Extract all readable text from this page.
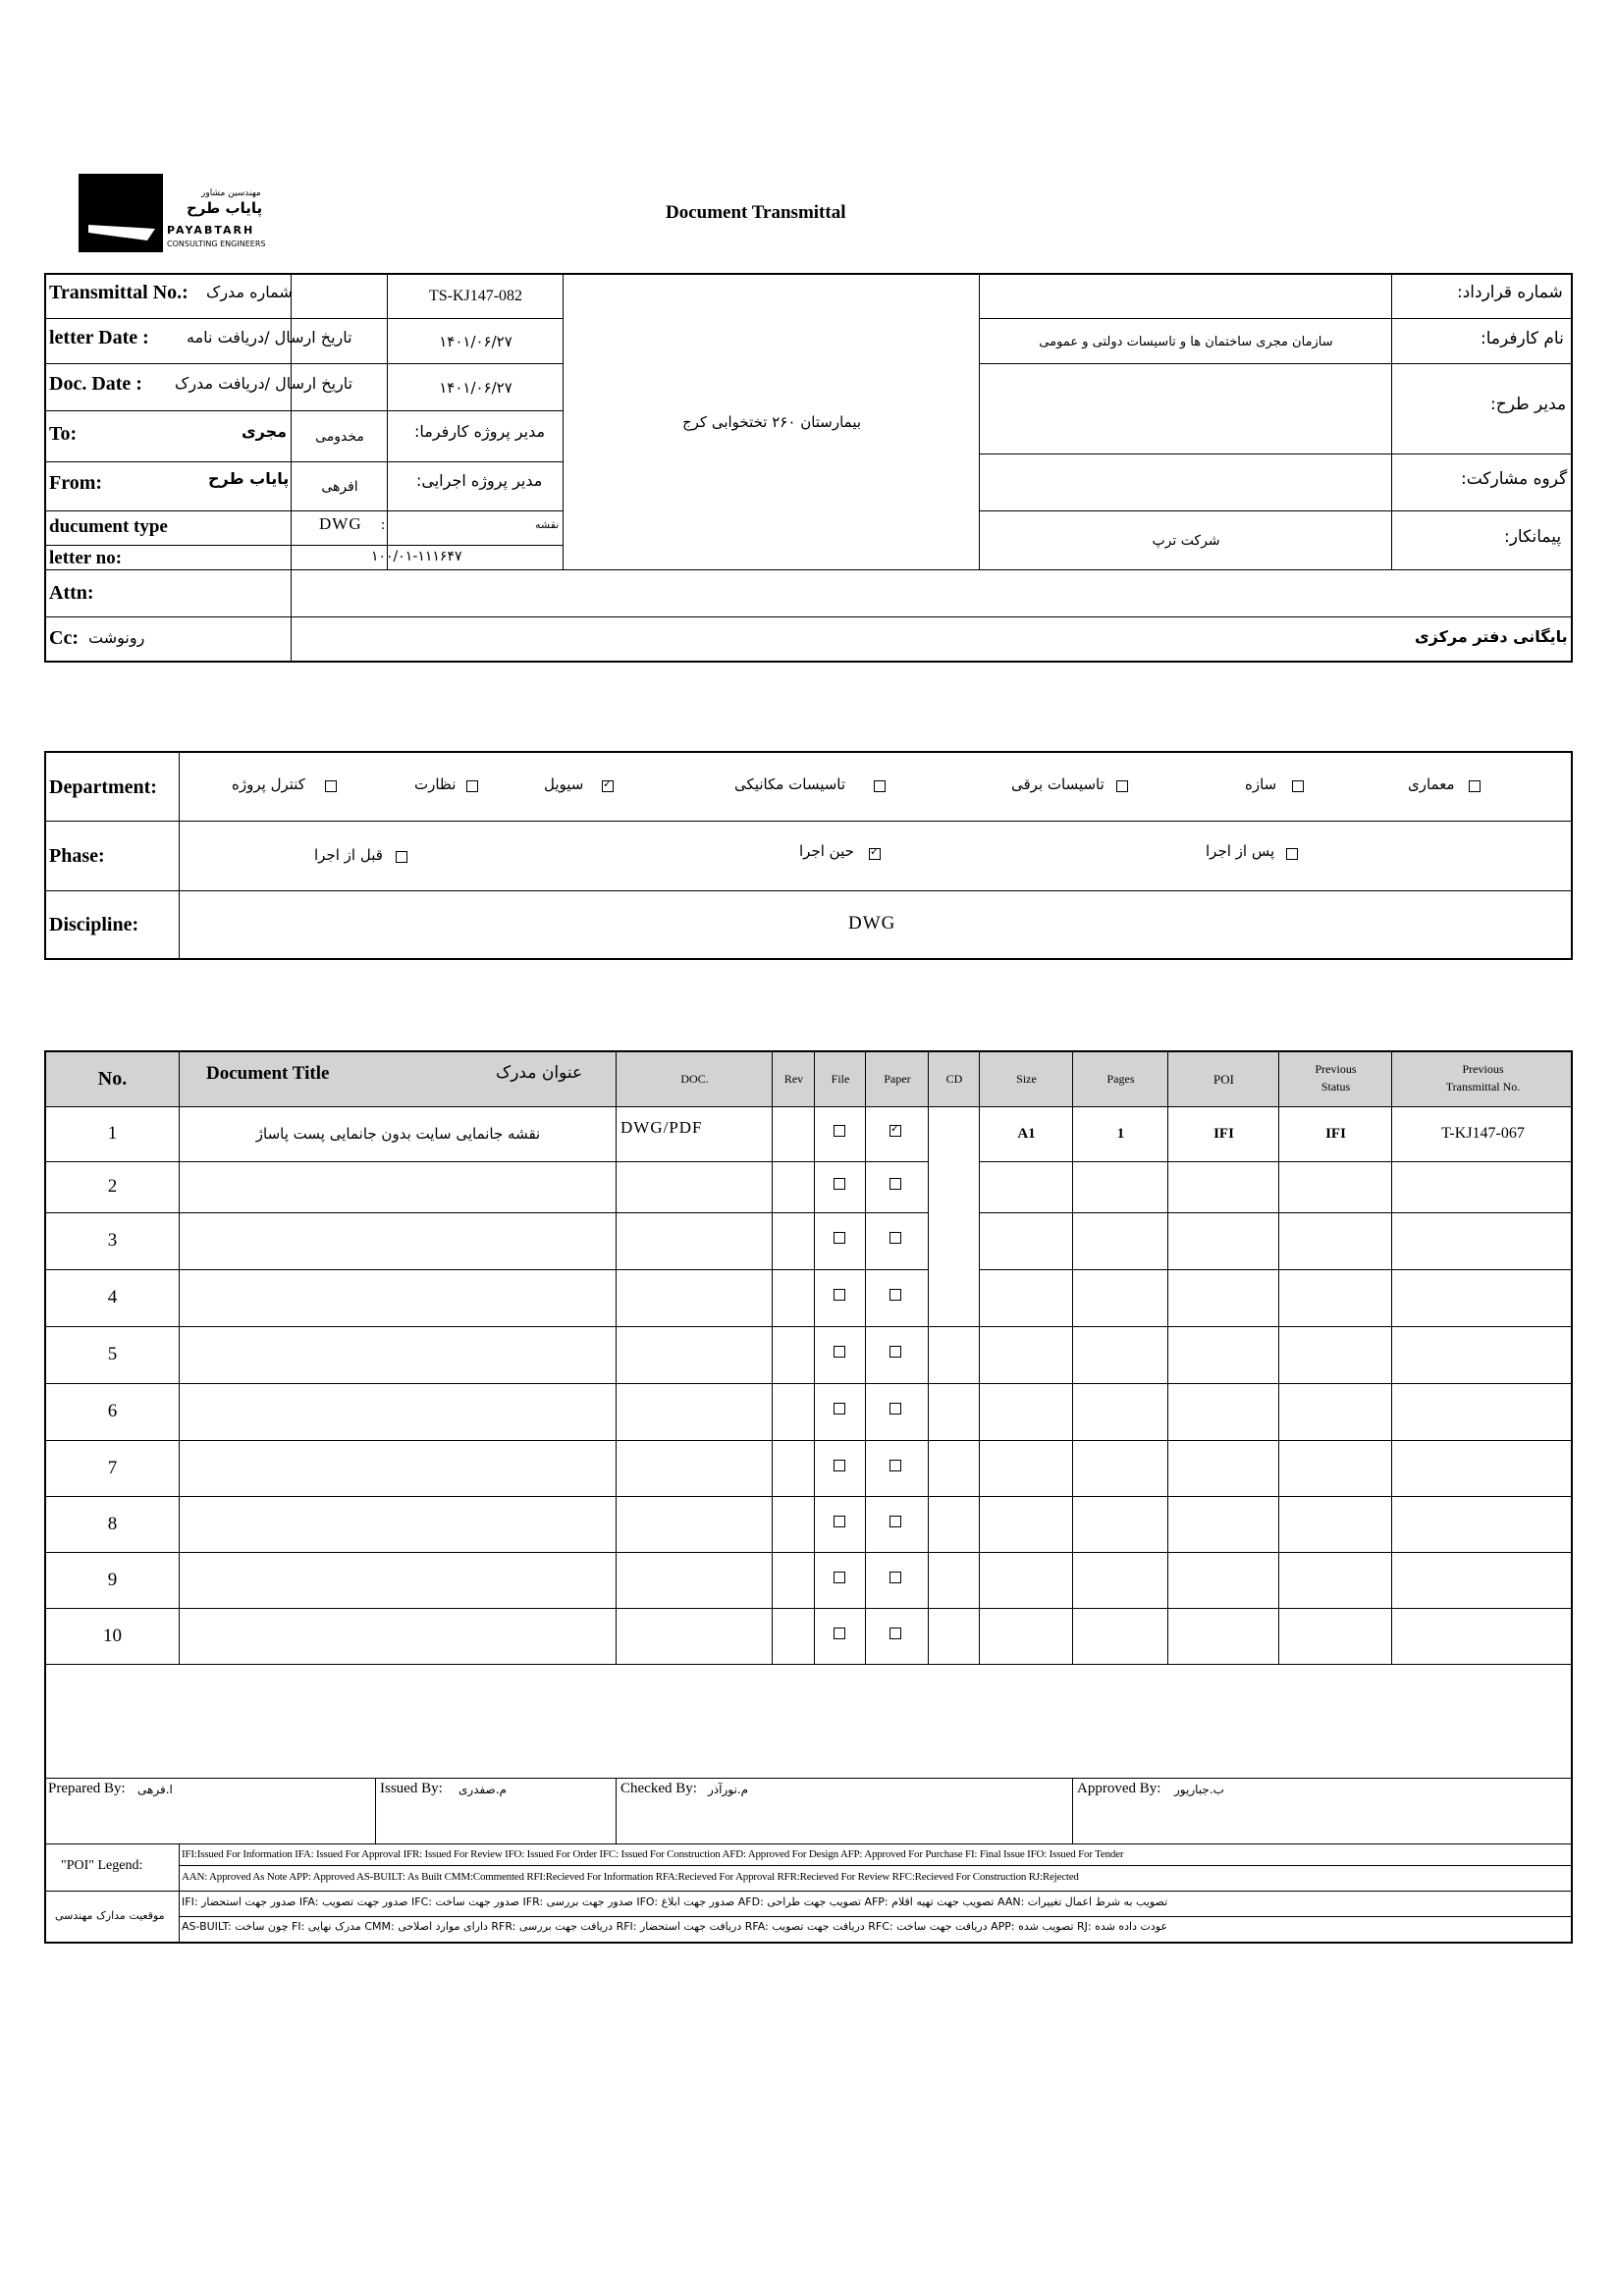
مهندسین مشاور
پایاب طرح
PAYABTARH
CONSULTING ENGINEERS
Document Transmittal
Transmittal No.: شماره مدرک	TS-KJ147-082
letter Date : تاریخ ارسال /دریافت نامه	۱۴۰۱/۰۶/۲۷
Doc. Date : تاریخ ارسال /دریافت مدرک	۱۴۰۱/۰۶/۲۷
To:	مجری	مخدومی	مدیر پروژه کارفرما:
From:	پایاب طرح	افرهی	مدیر پروژه اجرایی:
ducument type	DWG :	نقشه
letter no:	۱۰۰/۰۱-۱۱۱۶۴۷
بیمارستان ۲۶۰ تختخوابی کرج
شماره قرارداد:
نام کارفرما:
سازمان مجری ساختمان ها و تاسیسات دولتی و عمومی
مدیر طرح:
گروه مشارکت:
پیمانکار:
شرکت ترپ
Attn:
Cc: رونوشت	بایگانی دفتر مرکزی
Department:	معماری
سازه
تاسیسات برقی
تاسیسات مکانیکی
سیویل
✓
نظارت
کنترل پروژه
Phase:	پس از اجرا
حین اجرا
✓
قبل از اجرا
Discipline:	DWG
No.	Document Title	عنوان مدرک	DOC.	Rev	File	Paper	CD	Size	Pages	POI
Previous
Status
Previous
Transmittal No.
1	نقشه جانمایی سایت بدون جانمایی پست پاساژ	DWG/PDF
✓	A1	1	IFI	IFI	T-KJ147-067
2
3
4
5
6
7
8
9
10
Prepared By: ا.فرهی	Issued By: م.صفدری	Checked By: م.نورآذر	Approved By: ب.جباریور
"POI" Legend:
موقعیت مدارک مهندسی
IFI:Issued For Information IFA: Issued For Approval IFR: Issued For Review IFO: Issued For Order IFC: Issued For Construction AFD: Approved For Design AFP: Approved For Purchase FI: Final Issue IFO: Issued For Tender
AAN: Approved As Note APP: Approved AS-BUILT: As Built CMM:Commented RFI:Recieved For Information RFA:Recieved For Approval RFR:Recieved For Review RFC:Recieved For Construction RJ:Rejected
IFI: صدور جهت استحضار IFA: صدور جهت تصویب IFC: صدور جهت ساخت IFR: صدور جهت بررسی IFO: صدور جهت ابلاغ AFD: تصویب جهت طراحی AFP: تصویب جهت تهیه اقلام AAN: تصویب به شرط اعمال تغییرات
AS-BUILT: چون ساخت FI: مدرک نهایی CMM: دارای موارد اصلاحی RFR: دریافت جهت بررسی RFI: دریافت جهت استحضار RFA: دریافت جهت تصویب RFC: دریافت جهت ساخت APP: تصویب شده RJ: عودت داده شده
